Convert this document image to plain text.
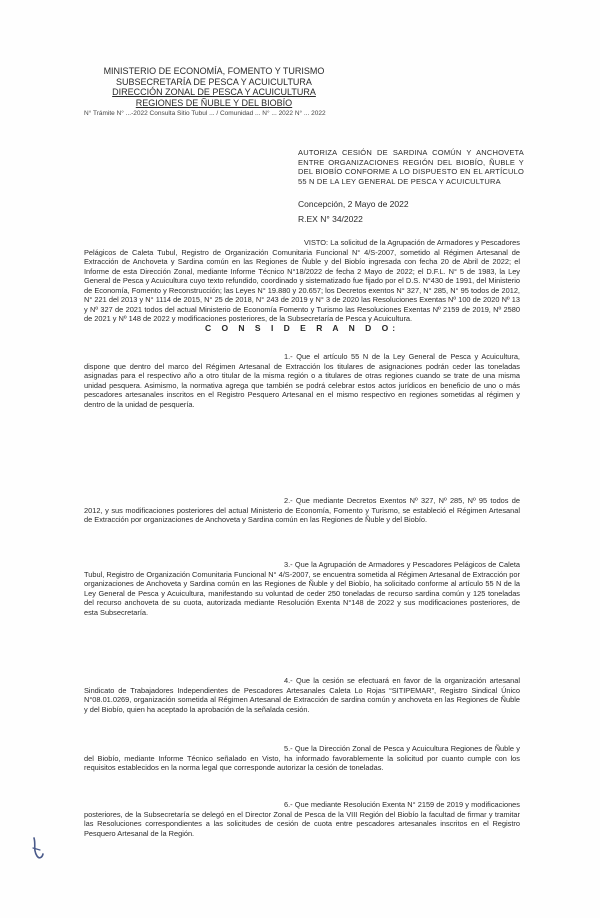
MINISTERIO DE ECONOMÍA, FOMENTO Y TURISMO
SUBSECRETARÍA DE PESCA Y ACUICULTURA
DIRECCIÓN ZONAL DE PESCA Y ACUICULTURA
REGIONES DE ÑUBLE Y DEL BIOBÍO
N° Trámite N° ...-2022 Consulta Sitio Tubul ... / Comunidad ... N° ... 2022 N° ... 2022
AUTORIZA CESIÓN DE SARDINA COMÚN Y ANCHOVETA ENTRE ORGANIZACIONES REGIÓN DEL BIOBÍO, ÑUBLE Y DEL BIOBÍO CONFORME A LO DISPUESTO EN EL ARTÍCULO 55 N DE LA LEY GENERAL DE PESCA Y ACUICULTURA
Concepción, 2 Mayo de 2022
R.EX N° 34/2022
VISTO: La solicitud de la Agrupación de Armadores y Pescadores Pelágicos de Caleta Tubul, Registro de Organización Comunitaria Funcional N° 4/S-2007, sometido al Régimen Artesanal de Extracción de Anchoveta y Sardina común en las Regiones de Ñuble y del Biobío ingresada con fecha 20 de Abril de 2022; el Informe de esta Dirección Zonal, mediante Informe Técnico N°18/2022 de fecha 2 Mayo de 2022; el D.F.L. N° 5 de 1983, la Ley General de Pesca y Acuicultura cuyo texto refundido, coordinado y sistematizado fue fijado por el D.S. N°430 de 1991, del Ministerio de Economía, Fomento y Reconstrucción; las Leyes N° 19.880 y 20.657; los Decretos exentos N° 327, N° 285, N° 95 todos de 2012, N° 221 del 2013 y N° 1114 de 2015, N° 25 de 2018, N° 243 de 2019 y N° 3 de 2020 las Resoluciones Exentas Nº 100 de 2020 Nº 13 y Nº 327 de 2021 todos del actual Ministerio de Economía Fomento y Turismo las Resoluciones Exentas Nº 2159 de 2019, Nº 2580 de 2021 y Nº 148 de 2022 y modificaciones posteriores, de la Subsecretaría de Pesca y Acuicultura.
C O N S I D E R A N D O:
1.- Que el artículo 55 N de la Ley General de Pesca y Acuicultura, dispone que dentro del marco del Régimen Artesanal de Extracción los titulares de asignaciones podrán ceder las toneladas asignadas para el respectivo año a otro titular de la misma región o a titulares de otras regiones cuando se trate de una misma unidad pesquera. Asimismo, la normativa agrega que también se podrá celebrar estos actos jurídicos en beneficio de uno o más pescadores artesanales inscritos en el Registro Pesquero Artesanal en el mismo respectivo en regiones sometidas al régimen y dentro de la unidad de pesquería.
2.- Que mediante Decretos Exentos Nº 327, Nº 285, Nº 95 todos de 2012, y sus modificaciones posteriores del actual Ministerio de Economía, Fomento y Turismo, se estableció el Régimen Artesanal de Extracción por organizaciones de Anchoveta y Sardina común en las Regiones de Ñuble y del Biobío.
3.- Que la Agrupación de Armadores y Pescadores Pelágicos de Caleta Tubul, Registro de Organización Comunitaria Funcional N° 4/S-2007, se encuentra sometida al Régimen Artesanal de Extracción por organizaciones de Anchoveta y Sardina común en las Regiones de Ñuble y del Biobío, ha solicitado conforme al artículo 55 N de la Ley General de Pesca y Acuicultura, manifestando su voluntad de ceder 250 toneladas de recurso sardina común y 125 toneladas del recurso anchoveta de su cuota, autorizada mediante Resolución Exenta N°148 de 2022 y sus modificaciones posteriores, de esta Subsecretaría.
4.- Que la cesión se efectuará en favor de la organización artesanal Sindicato de Trabajadores Independientes de Pescadores Artesanales Caleta Lo Rojas “SITIPEMAR”, Registro Sindical Único N°08.01.0269, organización sometida al Régimen Artesanal de Extracción de sardina común y anchoveta en las Regiones de Ñuble y del Biobío, quien ha aceptado la aprobación de la señalada cesión.
5.- Que la Dirección Zonal de Pesca y Acuicultura Regiones de Ñuble y del Biobío, mediante Informe Técnico señalado en Visto, ha informado favorablemente la solicitud por cuanto cumple con los requisitos establecidos en la norma legal que corresponde autorizar la cesión de toneladas.
6.- Que mediante Resolución Exenta N° 2159 de 2019 y modificaciones posteriores, de la Subsecretaría se delegó en el Director Zonal de Pesca de la VIII Región del Biobío la facultad de firmar y tramitar las Resoluciones correspondientes a las solicitudes de cesión de cuota entre pescadores artesanales inscritos en el Registro Pesquero Artesanal de la Región.
